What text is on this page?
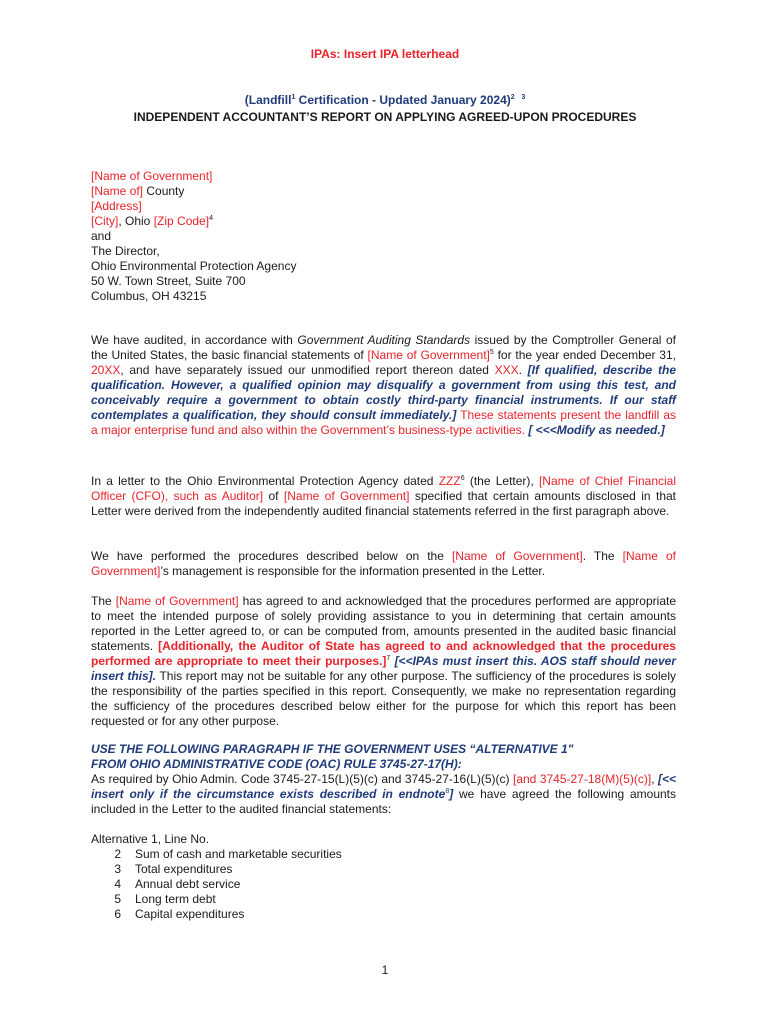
IPAs: Insert IPA letterhead
(Landfill$^1$ Certification - Updated January 2024)$^2$ $^3$
INDEPENDENT ACCOUNTANT’S REPORT ON APPLYING AGREED-UPON PROCEDURES
[Name of Government]
[Name of] County
[Address]
[City], Ohio [Zip Code]$^4$
and
The Director,
Ohio Environmental Protection Agency
50 W. Town Street, Suite 700
Columbus, OH 43215
We have audited, in accordance with Government Auditing Standards issued by the Comptroller General of the United States, the basic financial statements of [Name of Government]$^5$ for the year ended December 31, 20XX, and have separately issued our unmodified report thereon dated XXX. [If qualified, describe the qualification. However, a qualified opinion may disqualify a government from using this test, and conceivably require a government to obtain costly third-party financial instruments. If our staff contemplates a qualification, they should consult immediately.] These statements present the landfill as a major enterprise fund and also within the Government’s business-type activities. [ <<<Modify as needed.]
In a letter to the Ohio Environmental Protection Agency dated ZZZ$^6$ (the Letter), [Name of Chief Financial Officer (CFO), such as Auditor] of [Name of Government] specified that certain amounts disclosed in that Letter were derived from the independently audited financial statements referred in the first paragraph above.
We have performed the procedures described below on the [Name of Government]. The [Name of Government]’s management is responsible for the information presented in the Letter.
The [Name of Government] has agreed to and acknowledged that the procedures performed are appropriate to meet the intended purpose of solely providing assistance to you in determining that certain amounts reported in the Letter agreed to, or can be computed from, amounts presented in the audited basic financial statements. [Additionally, the Auditor of State has agreed to and acknowledged that the procedures performed are appropriate to meet their purposes.]$^7$ [<<IPAs must insert this. AOS staff should never insert this]. This report may not be suitable for any other purpose. The sufficiency of the procedures is solely the responsibility of the parties specified in this report. Consequently, we make no representation regarding the sufficiency of the procedures described below either for the purpose for which this report has been requested or for any other purpose.
USE THE FOLLOWING PARAGRAPH IF THE GOVERNMENT USES “ALTERNATIVE 1"
FROM OHIO ADMINISTRATIVE CODE (OAC) RULE 3745-27-17(H):
As required by Ohio Admin. Code 3745-27-15(L)(5)(c) and 3745-27-16(L)(5)(c) [and 3745-27-18(M)(5)(c)], [<< insert only if the circumstance exists described in endnote$^8$] we have agreed the following amounts included in the Letter to the audited financial statements:
Alternative 1, Line No.
2	Sum of cash and marketable securities
3	Total expenditures
4	Annual debt service
5	Long term debt
6	Capital expenditures
1
